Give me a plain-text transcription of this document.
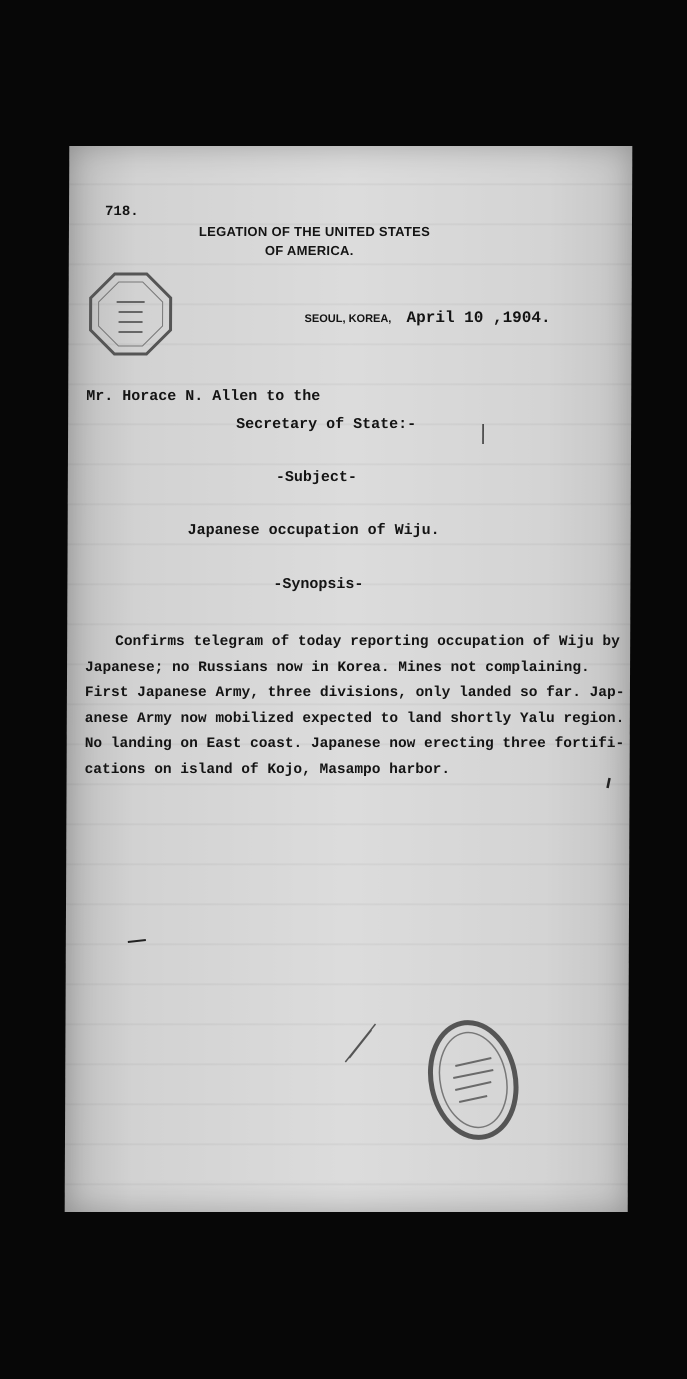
718.
LEGATION OF THE UNITED STATES
OF AMERICA.
SEOUL, KOREA, April 10 ,1904.
Mr. Horace N. Allen to the
Secretary of State:-
-Subject-
Japanese occupation of Wiju.
-Synopsis-
Confirms telegram of today reporting occupation of Wiju by
Japanese; no Russians now in Korea. Mines not complaining.
First Japanese Army, three divisions, only landed so far. Jap-
anese Army now mobilized expected to land shortly Yalu region.
No landing on East coast. Japanese now erecting three fortifi-
cations on island of Kojo, Masampo harbor.
